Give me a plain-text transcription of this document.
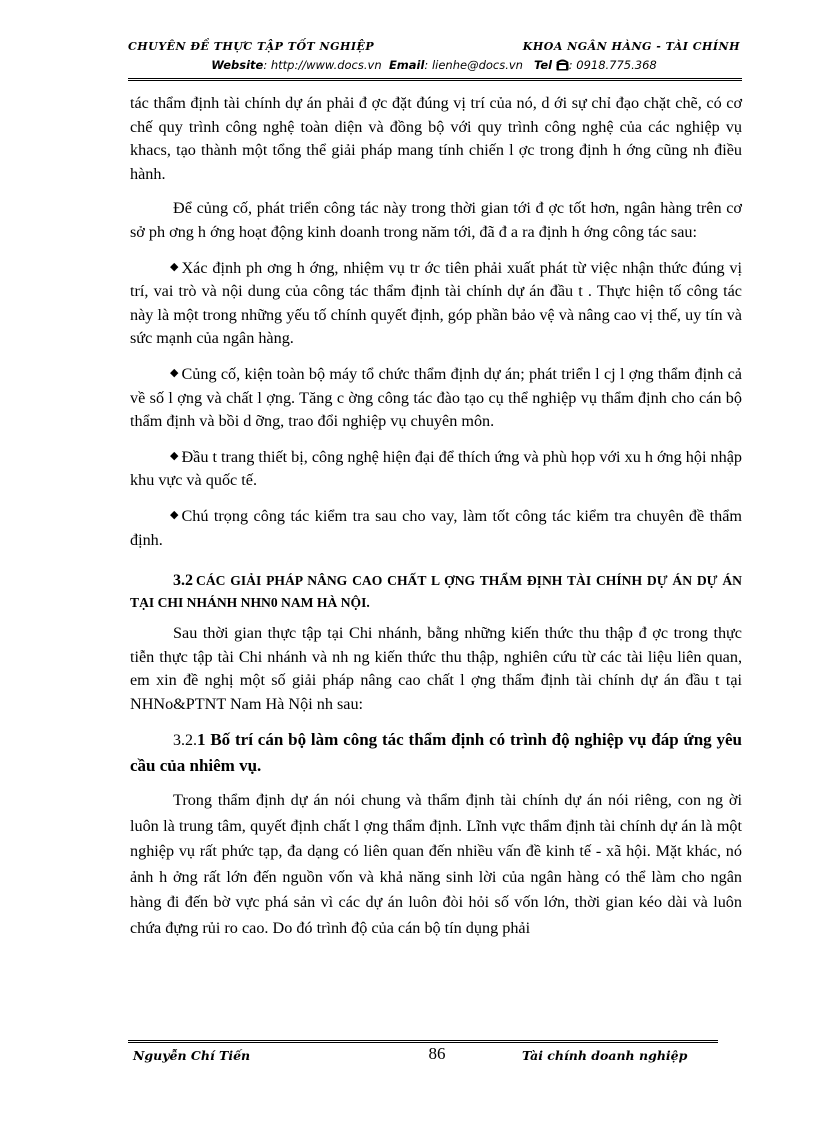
CHUYÊN ĐỀ THỰC TẬP TỐT NGHIỆP	KHOA NGÂN HÀNG - TÀI CHÍNH
Website: http://www.docs.vn Email: lienhe@docs.vn Tel : 0918.775.368

tác thẩm định tài chính dự án phải đ ợc đặt đúng vị trí của nó, d ới sự chỉ đạo chặt chẽ, có cơ chế quy trình công nghệ toàn diện và đồng bộ với quy trình công nghệ của các nghiệp vụ khacs, tạo thành một tổng thể giải pháp mang tính chiến l ợc trong định h ớng cũng nh điều hành.

Để củng cố, phát triển công tác này trong thời gian tới đ ợc tốt hơn, ngân hàng trên cơ sở ph ơng h ớng hoạt động kinh doanh trong năm tới, đã đ a ra định h ớng công tác sau:

◆ Xác định ph ơng h ớng, nhiệm vụ tr ớc tiên phải xuất phát từ việc nhận thức đúng vị trí, vai trò và nội dung của công tác thẩm định tài chính dự án đầu t . Thực hiện tố công tác này là một trong những yếu tố chính quyết định, góp phần bảo vệ và nâng cao vị thế, uy tín và sức mạnh của ngân hàng.
◆ Củng cố, kiện toàn bộ máy tổ chức thẩm định dự án; phát triển l cj l ợng thẩm định cả về số l ợng và chất l ợng. Tăng c ờng công tác đào tạo cụ thể nghiệp vụ thẩm định cho cán bộ thẩm định và bồi d ỡng, trao đổi nghiệp vụ chuyên môn.
◆ Đầu t trang thiết bị, công nghệ hiện đại để thích ứng và phù họp với xu h ớng hội nhập khu vực và quốc tế.
◆ Chú trọng công tác kiểm tra sau cho vay, làm tốt công tác kiểm tra chuyên đề thẩm định.
3.2 CÁC GIẢI PHÁP NÂNG CAO CHẤT L ỢNG THẨM ĐỊNH TÀI CHÍNH DỰ ÁN DỰ ÁN TẠI CHI NHÁNH NHN0 NAM HÀ NỘI.

Sau thời gian thực tập tại Chi nhánh, bằng những kiến thức thu thập đ ợc trong thực tiễn thực tập tài Chi nhánh và nh ng kiến thức thu thập, nghiên cứu từ các tài liệu liên quan, em xin đề nghị một số giải pháp nâng cao chất l ợng thẩm định tài chính dự án đầu t tại NHNo&PTNT Nam Hà Nội nh sau:

3.2.1 Bố trí cán bộ làm công tác thẩm định có trình độ nghiệp vụ đáp ứng yêu cầu của nhiêm vụ.

Trong thẩm định dự án nói chung và thẩm định tài chính dự án nói riêng, con ng ời luôn là trung tâm, quyết định chất l ợng thẩm định. Lĩnh vực thẩm định tài chính dự án là một nghiệp vụ rất phức tạp, đa dạng có liên quan đến nhiều vấn đề kinh tế - xã hội. Mặt khác, nó ảnh h ởng rất lớn đến nguồn vốn và khả năng sinh lời của ngân hàng có thể làm cho ngân hàng đi đến bờ vực phá sản vì các dự án luôn đòi hỏi số vốn lớn, thời gian kéo dài và luôn chứa đựng rủi ro cao. Do đó trình độ của cán bộ tín dụng phải

Nguyễn Chí Tiến	86	Tài chính doanh nghiệp
